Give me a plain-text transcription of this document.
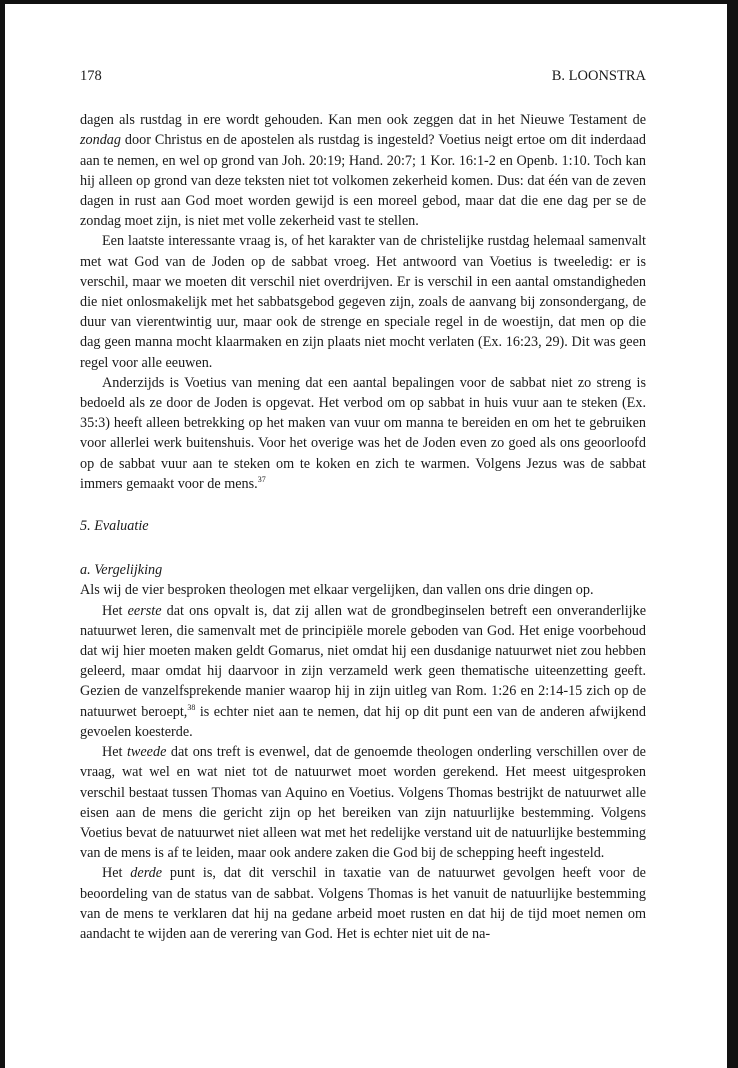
178	B. LOONSTRA

dagen als rustdag in ere wordt gehouden. Kan men ook zeggen dat in het Nieuwe Testament de zondag door Christus en de apostelen als rustdag is ingesteld? Voetius neigt ertoe om dit inderdaad aan te nemen, en wel op grond van Joh. 20:19; Hand. 20:7; 1 Kor. 16:1-2 en Openb. 1:10. Toch kan hij alleen op grond van deze teksten niet tot volkomen zekerheid komen. Dus: dat één van de zeven dagen in rust aan God moet worden gewijd is een moreel gebod, maar dat die ene dag per se de zondag moet zijn, is niet met volle zekerheid vast te stellen.

Een laatste interessante vraag is, of het karakter van de christelijke rustdag helemaal samenvalt met wat God van de Joden op de sabbat vroeg. Het antwoord van Voetius is tweeledig: er is verschil, maar we moeten dit verschil niet overdrijven. Er is verschil in een aantal omstandigheden die niet onlosmakelijk met het sabbatsgebod gegeven zijn, zoals de aanvang bij zonsondergang, de duur van vierentwintig uur, maar ook de strenge en speciale regel in de woestijn, dat men op die dag geen manna mocht klaarmaken en zijn plaats niet mocht verlaten (Ex. 16:23, 29). Dit was geen regel voor alle eeuwen.

Anderzijds is Voetius van mening dat een aantal bepalingen voor de sabbat niet zo streng is bedoeld als ze door de Joden is opgevat. Het verbod om op sabbat in huis vuur aan te steken (Ex. 35:3) heeft alleen betrekking op het maken van vuur om manna te bereiden en om het te gebruiken voor allerlei werk buitenshuis. Voor het overige was het de Joden even zo goed als ons geoorloofd op de sabbat vuur aan te steken om te koken en zich te warmen. Volgens Jezus was de sabbat immers gemaakt voor de mens.$^{37}$

5. Evaluatie

a. Vergelijking

Als wij de vier besproken theologen met elkaar vergelijken, dan vallen ons drie dingen op.

Het eerste dat ons opvalt is, dat zij allen wat de grondbeginselen betreft een onveranderlijke natuurwet leren, die samenvalt met de principiële morele geboden van God. Het enige voorbehoud dat wij hier moeten maken geldt Gomarus, niet omdat hij een dusdanige natuurwet niet zou hebben geleerd, maar omdat hij daarvoor in zijn verzameld werk geen thematische uiteenzetting geeft. Gezien de vanzelfsprekende manier waarop hij in zijn uitleg van Rom. 1:26 en 2:14-15 zich op de natuurwet beroept,$^{38}$ is echter niet aan te nemen, dat hij op dit punt een van de anderen afwijkend gevoelen koesterde.

Het tweede dat ons treft is evenwel, dat de genoemde theologen onderling verschillen over de vraag, wat wel en wat niet tot de natuurwet moet worden gerekend. Het meest uitgesproken verschil bestaat tussen Thomas van Aquino en Voetius. Volgens Thomas bestrijkt de natuurwet alle eisen aan de mens die gericht zijn op het bereiken van zijn natuurlijke bestemming. Volgens Voetius bevat de natuurwet niet alleen wat met het redelijke verstand uit de natuurlijke bestemming van de mens is af te leiden, maar ook andere zaken die God bij de schepping heeft ingesteld.

Het derde punt is, dat dit verschil in taxatie van de natuurwet gevolgen heeft voor de beoordeling van de status van de sabbat. Volgens Thomas is het vanuit de natuurlijke bestemming van de mens te verklaren dat hij na gedane arbeid moet rusten en dat hij de tijd moet nemen om aandacht te wijden aan de verering van God. Het is echter niet uit de na-
